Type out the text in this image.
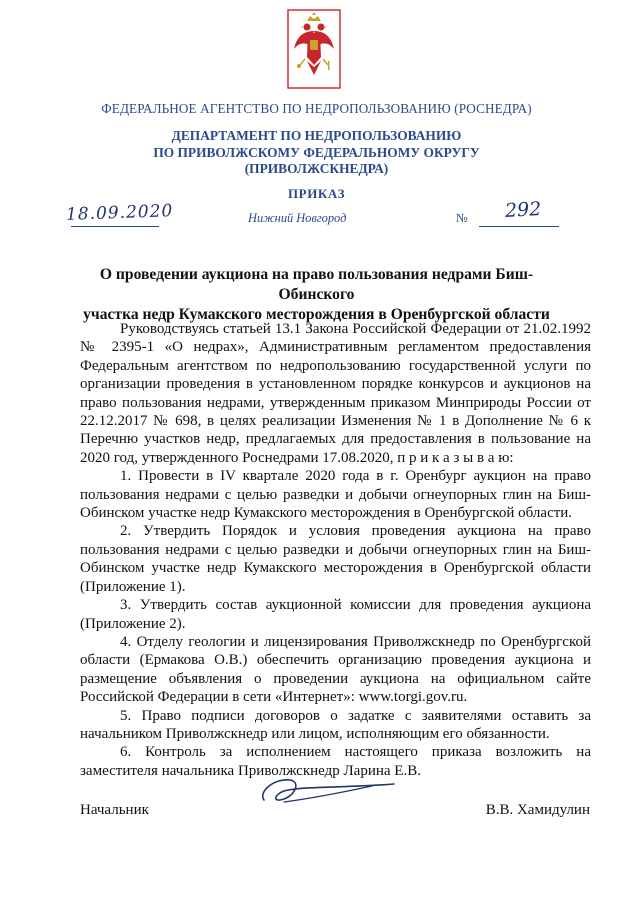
ФЕДЕРАЛЬНОЕ АГЕНТСТВО ПО НЕДРОПОЛЬЗОВАНИЮ (РОСНЕДРА)
ДЕПАРТАМЕНТ ПО НЕДРОПОЛЬЗОВАНИЮ
ПО ПРИВОЛЖСКОМУ ФЕДЕРАЛЬНОМУ ОКРУГУ
(ПРИВОЛЖСКНЕДРА)
ПРИКАЗ
18.09.2020	Нижний Новгород	№ 292
О проведении аукциона на право пользования недрами Биш-Обинского
участка недр Кумакского месторождения в Оренбургской области

Руководствуясь статьей 13.1 Закона Российской Федерации от 21.02.1992 № 2395-1 «О недрах», Административным регламентом предоставления Федеральным агентством по недропользованию государственной услуги по организации проведения в установленном порядке конкурсов и аукционов на право пользования недрами, утвержденным приказом Минприроды России от 22.12.2017 № 698, в целях реализации Изменения № 1 в Дополнение № 6 к Перечню участков недр, предлагаемых для предоставления в пользование на 2020 год, утвержденного Роснедрами 17.08.2020, п р и к а з ы в а ю:

1. Провести в IV квартале 2020 года в г. Оренбург аукцион на право пользования недрами с целью разведки и добычи огнеупорных глин на Биш-Обинском участке недр Кумакского месторождения в Оренбургской области.

2. Утвердить Порядок и условия проведения аукциона на право пользования недрами с целью разведки и добычи огнеупорных глин на Биш-Обинском участке недр Кумакского месторождения в Оренбургской области (Приложение 1).

3. Утвердить состав аукционной комиссии для проведения аукциона (Приложение 2).

4. Отделу геологии и лицензирования Приволжскнедр по Оренбургской области (Ермакова О.В.) обеспечить организацию проведения аукциона и размещение объявления о проведении аукциона на официальном сайте Российской Федерации в сети «Интернет»: www.torgi.gov.ru.

5. Право подписи договоров о задатке с заявителями оставить за начальником Приволжскнедр или лицом, исполняющим его обязанности.

6. Контроль за исполнением настоящего приказа возложить на заместителя начальника Приволжскнедр Ларина Е.В.

Начальник	В.В. Хамидулин
